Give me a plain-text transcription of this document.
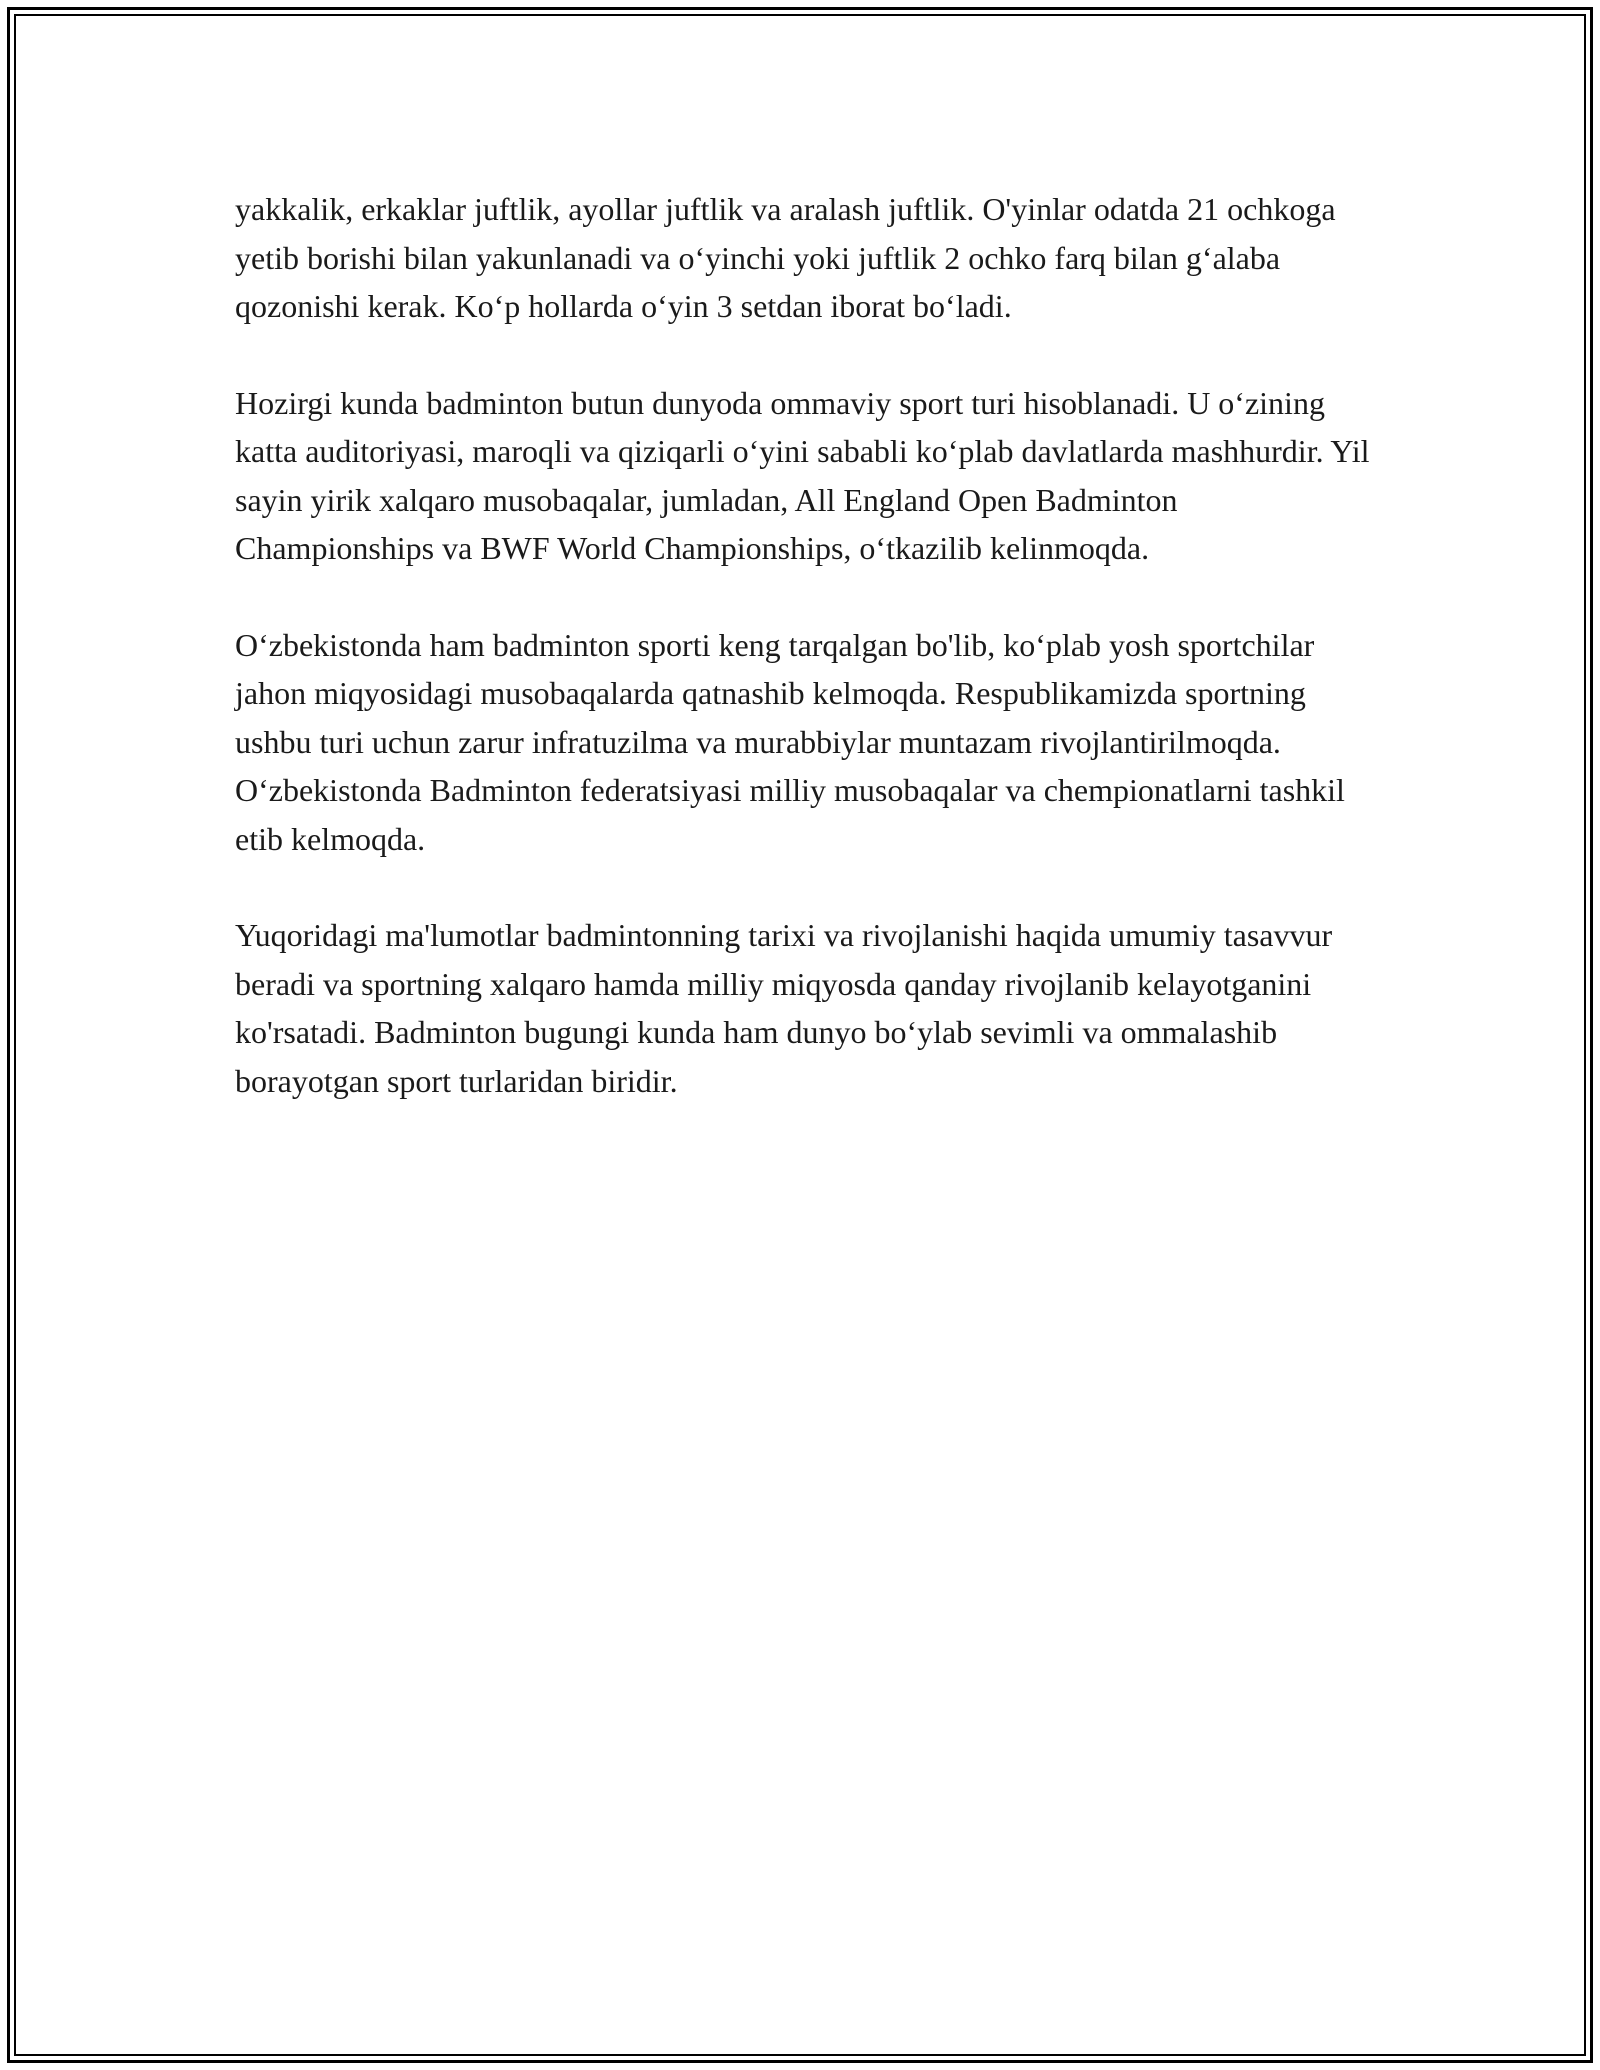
yakkalik, erkaklar juftlik, ayollar juftlik va aralash juftlik. O'yinlar odatda 21 ochkoga yetib borishi bilan yakunlanadi va o‘yinchi yoki juftlik 2 ochko farq bilan g‘alaba qozonishi kerak. Ko‘p hollarda o‘yin 3 setdan iborat bo‘ladi.

Hozirgi kunda badminton butun dunyoda ommaviy sport turi hisoblanadi. U o‘zining katta auditoriyasi, maroqli va qiziqarli o‘yini sababli ko‘plab davlatlarda mashhurdir. Yil sayin yirik xalqaro musobaqalar, jumladan, All England Open Badminton Championships va BWF World Championships, o‘tkazilib kelinmoqda.

O‘zbekistonda ham badminton sporti keng tarqalgan bo'lib, ko‘plab yosh sportchilar jahon miqyosidagi musobaqalarda qatnashib kelmoqda. Respublikamizda sportning ushbu turi uchun zarur infratuzilma va murabbiylar muntazam rivojlantirilmoqda. O‘zbekistonda Badminton federatsiyasi milliy musobaqalar va chempionatlarni tashkil etib kelmoqda.

Yuqoridagi ma'lumotlar badmintonning tarixi va rivojlanishi haqida umumiy tasavvur beradi va sportning xalqaro hamda milliy miqyosda qanday rivojlanib kelayotganini ko'rsatadi. Badminton bugungi kunda ham dunyo bo‘ylab sevimli va ommalashib borayotgan sport turlaridan biridir.
